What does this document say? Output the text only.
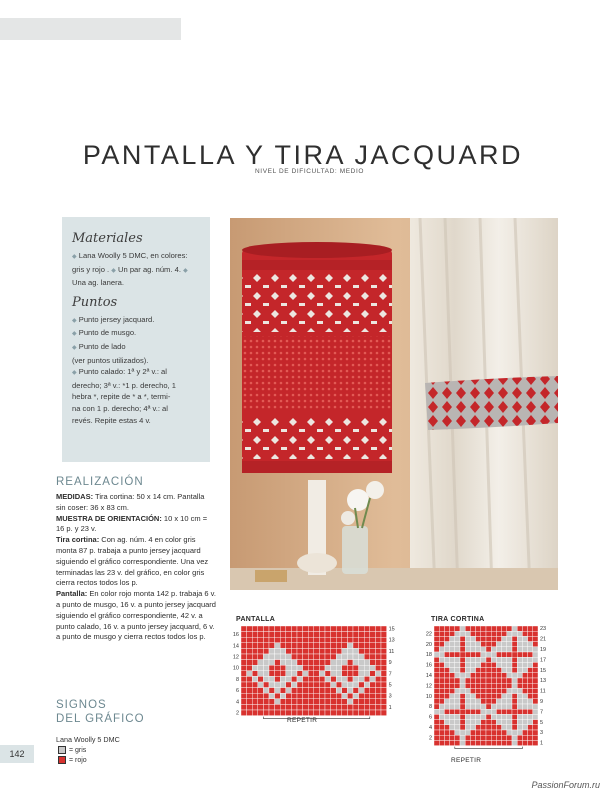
PANTALLA Y TIRA JACQUARD
NIVEL DE DIFICULTAD: MEDIO
Materiales

◆ Lana Woolly 5 DMC, en colores: gris y rojo . ◆ Un par ag. núm. 4. ◆ Una ag. lanera.

Puntos

◆ Punto jersey jacquard.
◆ Punto de musgo.
◆ Punto de lado
(ver puntos utilizados).
◆ Punto calado: 1ª y 2ª v.: al
derecho; 3ª v.: *1 p. derecho, 1
hebra *, repite de * a *, termi-
na con 1 p. derecho; 4ª v.: al
revés. Repite estas 4 v.

REALIZACIÓN

MEDIDAS: Tira cortina: 50 x 14 cm. Pantalla sin coser: 36 x 83 cm.
MUESTRA DE ORIENTACIÓN: 10 x 10 cm = 16 p. y 23 v.
Tira cortina: Con ag. núm. 4 en color gris monta 87 p. trabaja a punto jersey jacquard siguiendo el gráfico correspondiente. Una vez terminadas las 23 v. del gráfico, en color gris cierra rectos todos los p.
Pantalla: En color rojo monta 142 p. trabaja 6 v. a punto de musgo, 16 v. a punto jersey jacquard siguiendo el gráfico correspondiente, 42 v. a punto calado, 16 v. a punto jersey jacquard, 6 v. a punto de musgo y cierra rectos todos los p.

SIGNOS
DEL GRÁFICO
Lana Woolly 5 DMC
= gris
= rojo
142
PANTALLA
16
14
12
10
8
6
4
2
15
13
11
9
7
5
3
1
REPETIR
TIRA CORTINA
22
20
18
16
14
12
10
8
6
4
2
23
21
19
17
15
13
11
9
7
5
3
1
REPETIR
PassionForum.ru
